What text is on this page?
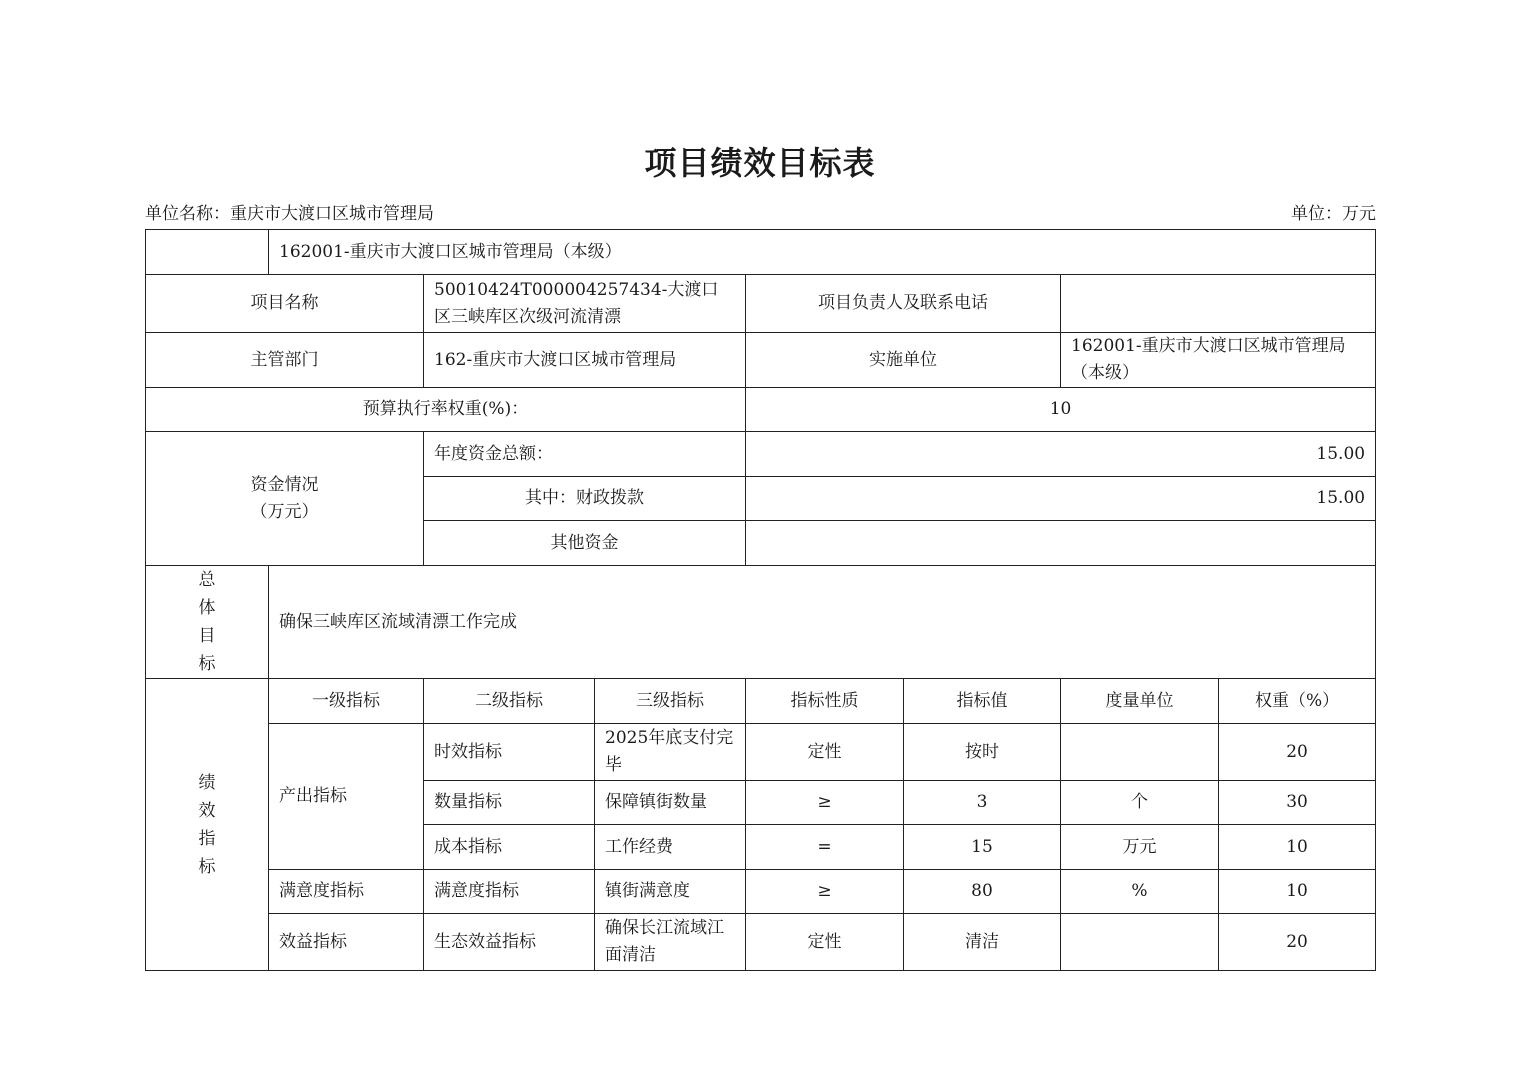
项目绩效目标表
单位名称：重庆市大渡口区城市管理局	单位：万元
	162001-重庆市大渡口区城市管理局（本级）						
项目名称		50010424T000004257434-大渡口区三峡库区次级河流清漂		项目负责人及联系电话			
主管部门		162-重庆市大渡口区城市管理局		实施单位		162001-重庆市大渡口区城市管理局（本级）	
预算执行率权重(%)：				10			

资金情况
（万元）		年度资金总额：		15.00			
		其中：财政拨款		15.00			
		其他资金					

总
体
目
标	确保三峡库区流域清漂工作完成						

绩
效
指
标	一级指标	二级指标	三级指标	指标性质	指标值	度量单位	权重（%）
	产出指标	时效指标	2025年底支付完毕	定性	按时		20
		数量指标	保障镇街数量	≥	3	个	30
		成本指标	工作经费	=	15	万元	10
	满意度指标	满意度指标	镇街满意度	≥	80	%	10
	效益指标	生态效益指标	确保长江流域江面清洁	定性	清洁		20
